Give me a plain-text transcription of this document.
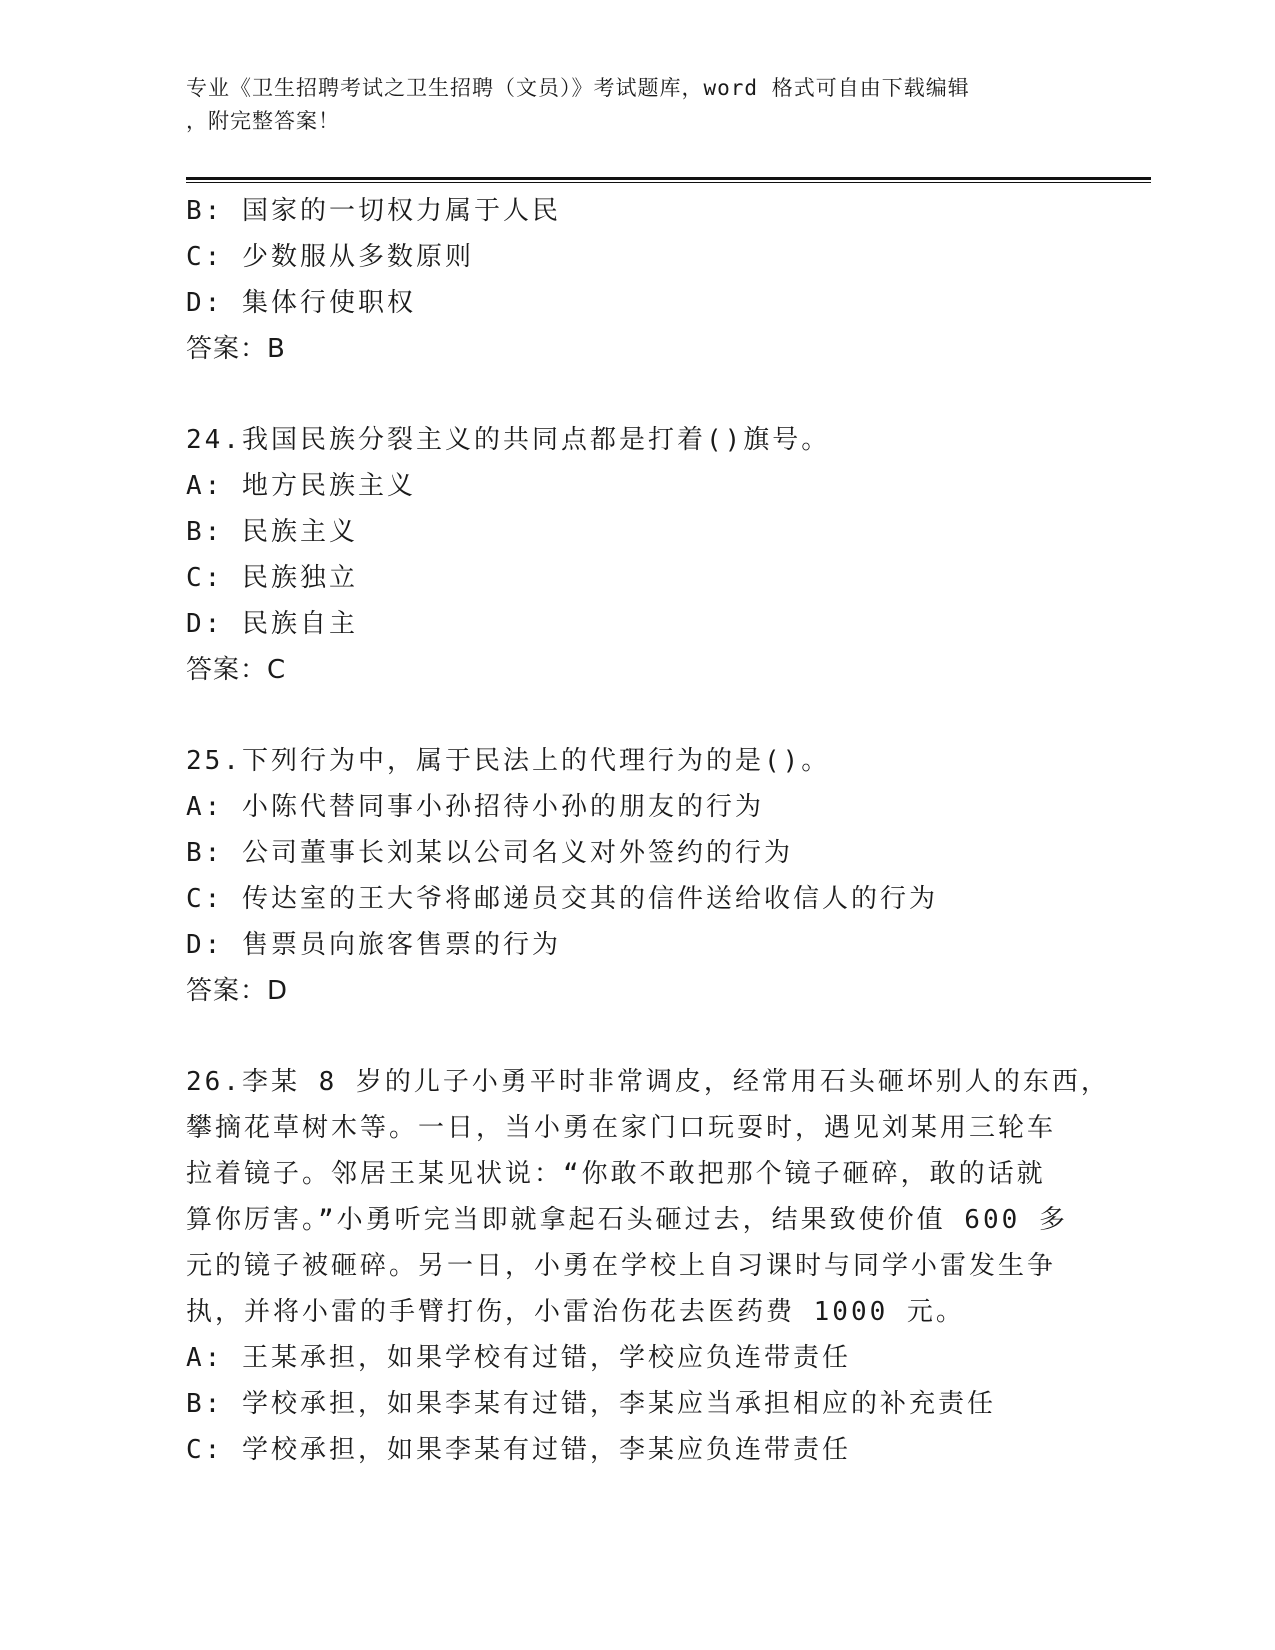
专业《卫生招聘考试之卫生招聘（文员）》考试题库，word 格式可自由下载编辑
，附完整答案！
B: 国家的一切权力属于人民
C: 少数服从多数原则
D: 集体行使职权
答案：B
24.我国民族分裂主义的共同点都是打着()旗号。
A: 地方民族主义
B: 民族主义
C: 民族独立
D: 民族自主
答案：C
25.下列行为中，属于民法上的代理行为的是()。
A: 小陈代替同事小孙招待小孙的朋友的行为
B: 公司董事长刘某以公司名义对外签约的行为
C: 传达室的王大爷将邮递员交其的信件送给收信人的行为
D: 售票员向旅客售票的行为
答案：D
26.李某 8 岁的儿子小勇平时非常调皮，经常用石头砸坏别人的东西，
攀摘花草树木等。一日，当小勇在家门口玩耍时，遇见刘某用三轮车
拉着镜子。邻居王某见状说：“你敢不敢把那个镜子砸碎，敢的话就
算你厉害。”小勇听完当即就拿起石头砸过去，结果致使价值 600 多
元的镜子被砸碎。另一日，小勇在学校上自习课时与同学小雷发生争
执，并将小雷的手臂打伤，小雷治伤花去医药费 1000 元。
A: 王某承担，如果学校有过错，学校应负连带责任
B: 学校承担，如果李某有过错，李某应当承担相应的补充责任
C: 学校承担，如果李某有过错，李某应负连带责任
